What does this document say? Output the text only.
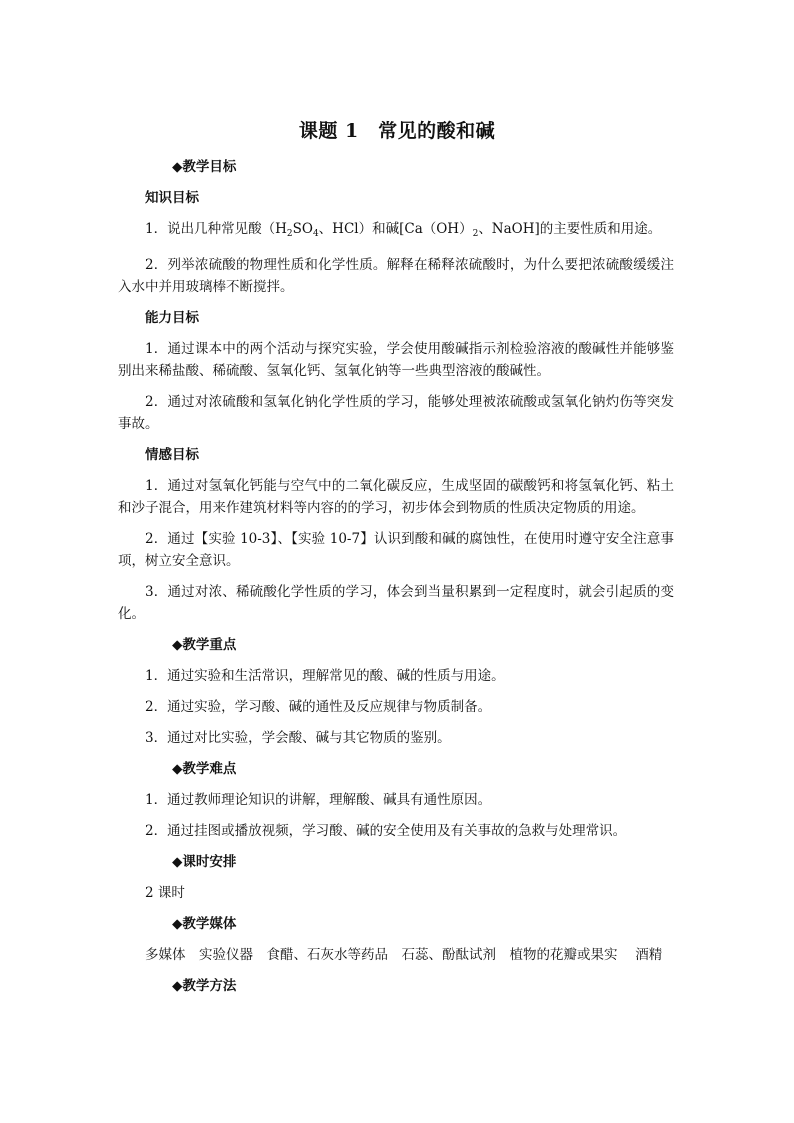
课题 1　常见的酸和碱
◆教学目标
知识目标
1．说出几种常见酸（$H_2SO_4$、HCl）和碱[$Ca(OH)_2$、NaOH]的主要性质和用途。
2．列举浓硫酸的物理性质和化学性质。解释在稀释浓硫酸时，为什么要把浓硫酸缓缓注入水中并用玻璃棒不断搅拌。
能力目标
1．通过课本中的两个活动与探究实验，学会使用酸碱指示剂检验溶液的酸碱性并能够鉴别出来稀盐酸、稀硫酸、氢氧化钙、氢氧化钠等一些典型溶液的酸碱性。
2．通过对浓硫酸和氢氧化钠化学性质的学习，能够处理被浓硫酸或氢氧化钠灼伤等突发事故。
情感目标
1．通过对氢氧化钙能与空气中的二氧化碳反应，生成坚固的碳酸钙和将氢氧化钙、粘土和沙子混合，用来作建筑材料等内容的的学习，初步体会到物质的性质决定物质的用途。
2．通过【实验 10-3】、【实验 10-7】认识到酸和碱的腐蚀性，在使用时遵守安全注意事项，树立安全意识。
3．通过对浓、稀硫酸化学性质的学习，体会到当量积累到一定程度时，就会引起质的变化。
◆教学重点
1．通过实验和生活常识，理解常见的酸、碱的性质与用途。
2．通过实验，学习酸、碱的通性及反应规律与物质制备。
3．通过对比实验，学会酸、碱与其它物质的鉴别。
◆教学难点
1．通过教师理论知识的讲解，理解酸、碱具有通性原因。
2．通过挂图或播放视频，学习酸、碱的安全使用及有关事故的急救与处理常识。
◆课时安排
2 课时
◆教学媒体
多媒体　实验仪器　食醋、石灰水等药品　石蕊、酚酞试剂　植物的花瓣或果实　 酒精
◆教学方法
